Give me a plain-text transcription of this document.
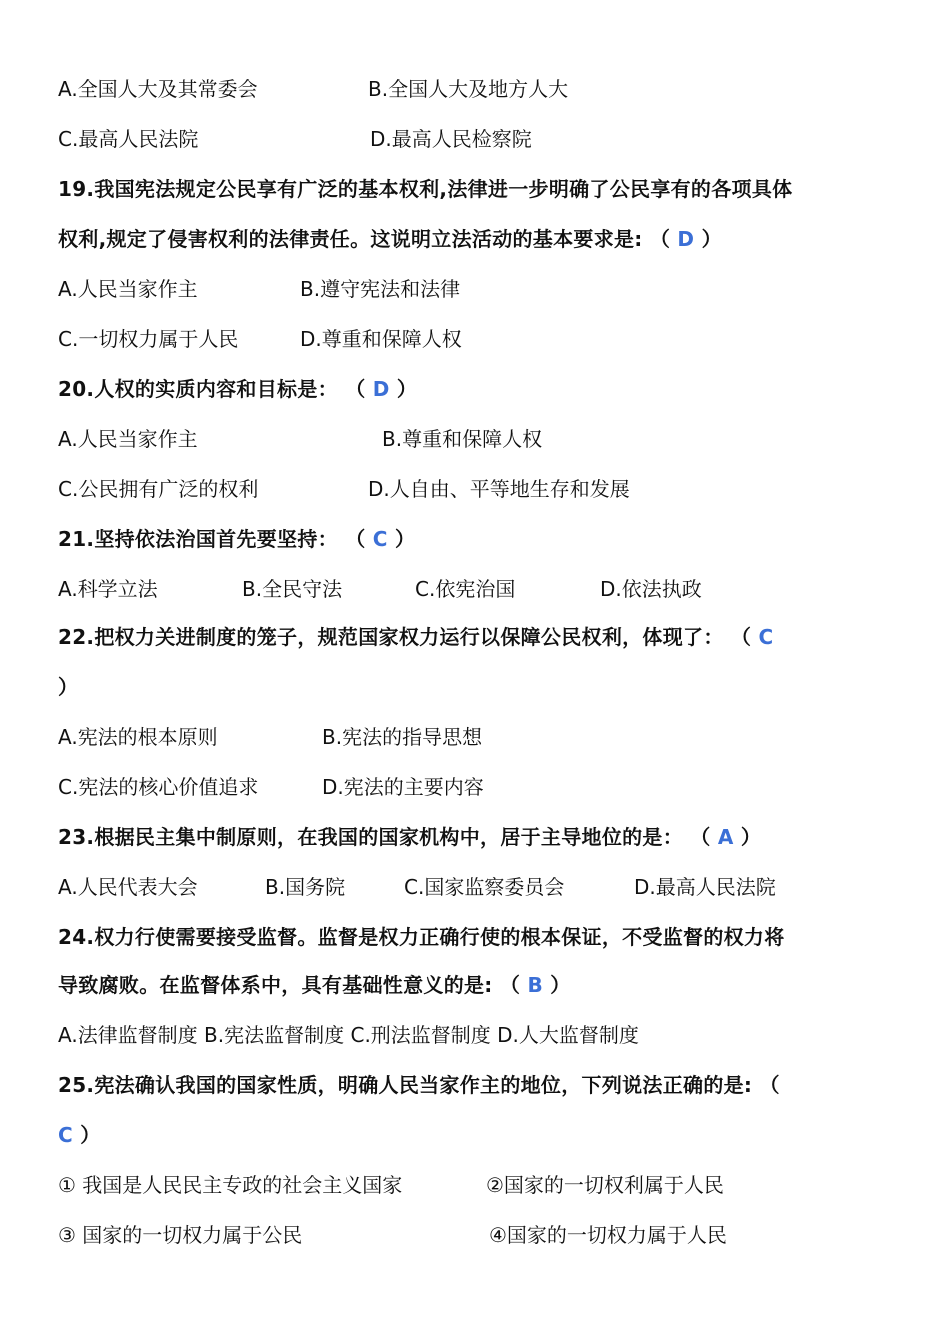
A.全国人大及其常委会	B.全国人大及地方人大
C.最高人民法院	D.最高人民检察院
19.我国宪法规定公民享有广泛的基本权利,法律进一步明确了公民享有的各项具体
权利,规定了侵害权利的法律责任。这说明立法活动的基本要求是: （ D ）
A.人民当家作主	B.遵守宪法和法律
C.一切权力属于人民	D.尊重和保障人权
20.人权的实质内容和目标是： （ D ）
A.人民当家作主	B.尊重和保障人权
C.公民拥有广泛的权利	D.人自由、平等地生存和发展
21.坚持依法治国首先要坚持： （ C ）
A.科学立法	B.全民守法	C.依宪治国	D.依法执政
22.把权力关进制度的笼子，规范国家权力运行以保障公民权利，体现了： （ C
）
A.宪法的根本原则	B.宪法的指导思想
C.宪法的核心价值追求	D.宪法的主要内容
23.根据民主集中制原则，在我国的国家机构中，居于主导地位的是： （ A ）
A.人民代表大会	B.国务院	C.国家监察委员会	D.最高人民法院
24.权力行使需要接受监督。监督是权力正确行使的根本保证，不受监督的权力将
导致腐败。在监督体系中，具有基础性意义的是: （ B ）
A.法律监督制度 B.宪法监督制度 C.刑法监督制度 D.人大监督制度
25.宪法确认我国的国家性质，明确人民当家作主的地位，下列说法正确的是: （
C ）
① 我国是人民民主专政的社会主义国家	②国家的一切权利属于人民
③ 国家的一切权力属于公民	④国家的一切权力属于人民
